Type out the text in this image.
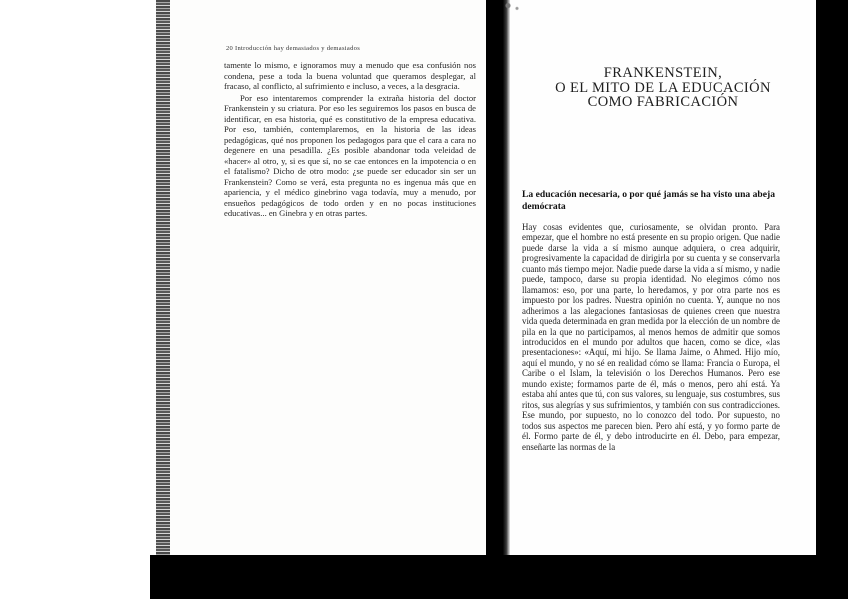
20 Introducción hay demasiados y demasiados

tamente lo mismo, e ignoramos muy a menudo que esa confusión nos condena, pese a toda la buena voluntad que queramos desplegar, al fracaso, al conflicto, al sufrimiento e incluso, a veces, a la desgracia.

Por eso intentaremos comprender la extraña historia del doctor Frankenstein y su criatura. Por eso les seguiremos los pasos en busca de identificar, en esa historia, qué es constitutivo de la empresa educativa. Por eso, también, contemplaremos, en la historia de las ideas pedagógicas, qué nos proponen los pedagogos para que el cara a cara no degenere en una pesadilla. ¿Es posible abandonar toda veleidad de «hacer» al otro, y, si es que sí, no se cae entonces en la impotencia o en el fatalismo? Dicho de otro modo: ¿se puede ser educador sin ser un Frankenstein? Como se verá, esta pregunta no es ingenua más que en apariencia, y el médico ginebrino vaga todavía, muy a menudo, por ensueños pedagógicos de todo orden y en no pocas instituciones educativas... en Ginebra y en otras partes.

FRANKENSTEIN,
O EL MITO DE LA EDUCACIÓN
COMO FABRICACIÓN
La educación necesaria, o por qué jamás se ha visto una abeja demócrata

Hay cosas evidentes que, curiosamente, se olvidan pronto. Para empezar, que el hombre no está presente en su propio origen. Que nadie puede darse la vida a sí mismo aunque adquiera, o crea adquirir, progresivamente la capacidad de dirigirla por su cuenta y se conservarla cuanto más tiempo mejor. Nadie puede darse la vida a sí mismo, y nadie puede, tampoco, darse su propia identidad. No elegimos cómo nos llamamos: eso, por una parte, lo heredamos, y por otra parte nos es impuesto por los padres. Nuestra opinión no cuenta. Y, aunque no nos adherimos a las alegaciones fantasiosas de quienes creen que nuestra vida queda determinada en gran medida por la elección de un nombre de pila en la que no participamos, al menos hemos de admitir que somos introducidos en el mundo por adultos que hacen, como se dice, «las presentaciones»: «Aquí, mi hijo. Se llama Jaime, o Ahmed. Hijo mío, aquí el mundo, y no sé en realidad cómo se llama: Francia o Europa, el Caribe o el Islam, la televisión o los Derechos Humanos. Pero ese mundo existe; formamos parte de él, más o menos, pero ahí está. Ya estaba ahí antes que tú, con sus valores, su lenguaje, sus costumbres, sus ritos, sus alegrías y sus sufrimientos, y también con sus contradicciones. Ese mundo, por supuesto, no lo conozco del todo. Por supuesto, no todos sus aspectos me parecen bien. Pero ahí está, y yo formo parte de él. Formo parte de él, y debo introducirte en él. Debo, para empezar, enseñarte las normas de la
